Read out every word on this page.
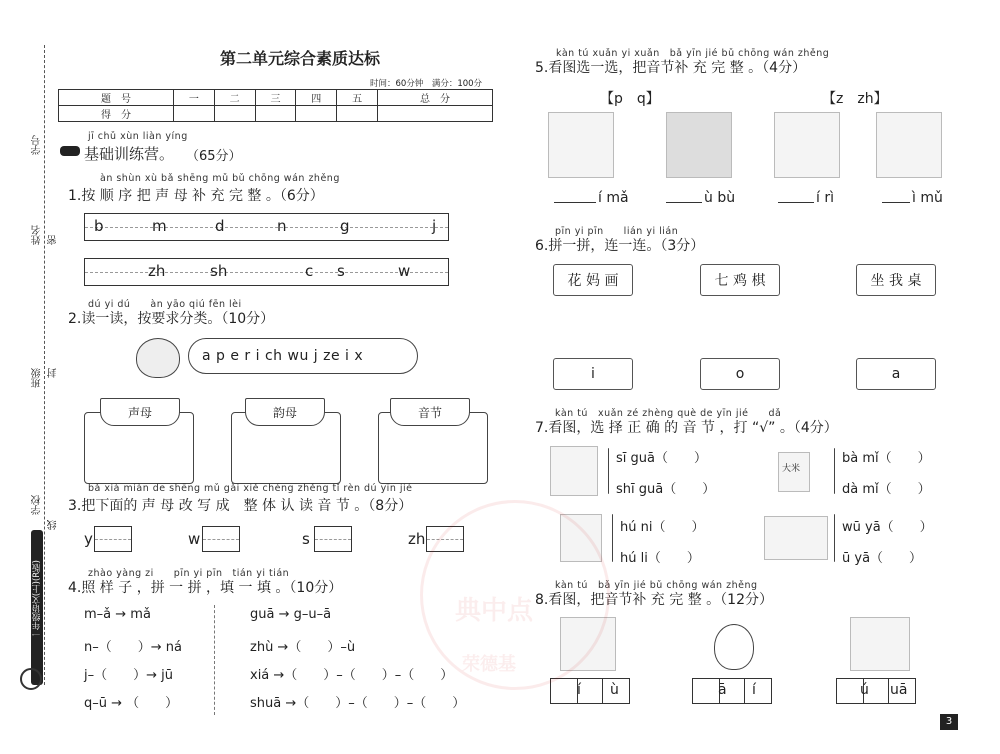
学号
姓名 密
班级 封
学校
线
一年级语文(上)(R版)
第二单元综合素质达标
时间：60分钟　满分：100分
题　号	一	二	三	四	五	总　分
得　分						
jī chǔ xùn liàn yíng
基础训练营。 （65分）
àn shùn xù bǎ shēng mǔ bǔ chōng wán zhěng
1.按 顺 序 把 声 母 补 充 完 整 。（6分）
b	m	d	n	g	j
zh	sh	c s	w
dú yi dú　　àn yāo qiú fēn lèi
2.读一读，按要求分类。（10分）
a p e r i ch wu j ze i x
声母	韵母	音节
bǎ xià miàn de shēng mǔ gǎi xiě chéng zhěng tǐ rèn dú yīn jié
3.把下面的 声 母 改 写 成　整 体 认 读 音 节 。（8分）
y	w	s	zh
zhào yàng zi　　pīn yi pīn　tián yi tián
4.照 样 子 ，拼 一 拼 ，填 一 填 。（10分）
m–ǎ → mǎ
n–（　　）→ ná
j–（　　）→ jū
q–ū → （　　）
guā → g–u–ā
zhù →（　　）–ù
xiá →（　　）–（　　）–（　　）
shuā →（　　）–（　　）–（　　）
kàn tú xuǎn yi xuǎn　bǎ yīn jié bǔ chōng wán zhěng
5.看图选一选，把音节补 充 完 整 。（4分）
【p　q】	【z　zh】
í mǎ	ù bù	í rì	ì mǔ
pīn yi pīn　　lián yi lián
6.拼一拼，连一连。（3分）
花 妈 画	七 鸡 棋	坐 我 桌
i	o	a
kàn tú　xuǎn zé zhèng què de yīn jié　　dǎ
7.看图，选 择 正 确 的 音 节 ，打 “√” 。（4分）
sī guā（　　）
shī guā（　　）
大米
bà mǐ（　　）
dà mǐ（　　）
hú ni（　　）
hú li（　　）
wū yā（　　）
ū yā（　　）
kàn tú　bǎ yīn jié bǔ chōng wán zhěng
8.看图，把音节补 充 完 整 。（12分）
í ù	ā í	ú uā
典中点
荣德基
3
